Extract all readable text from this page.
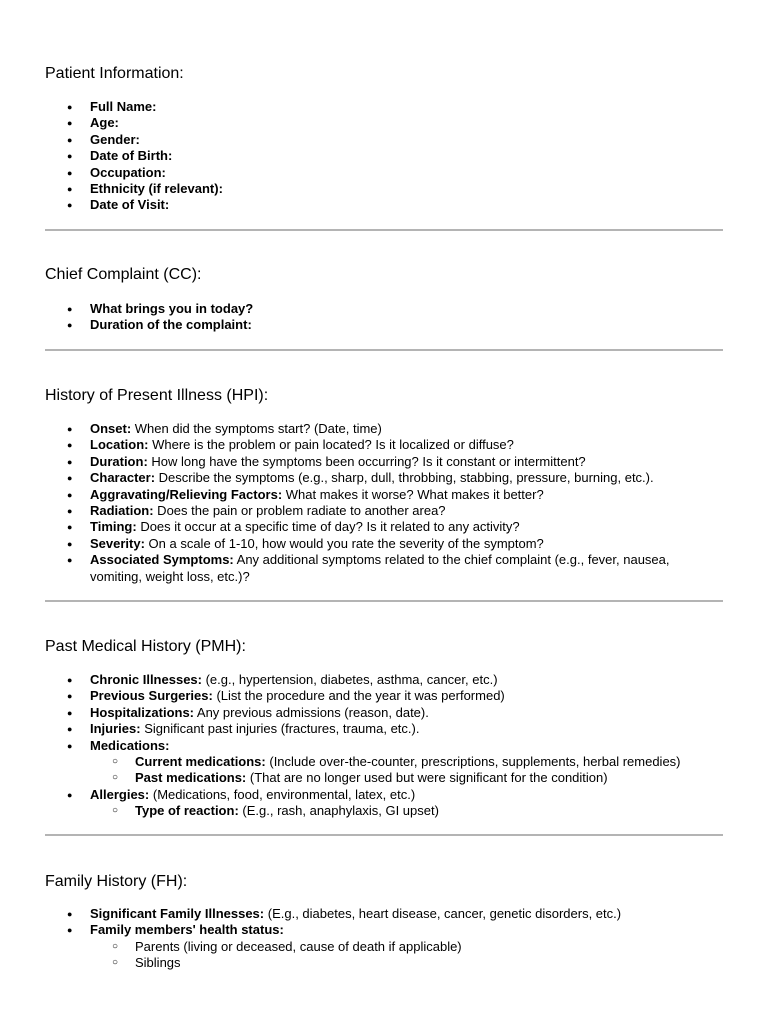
Patient Information:
● Full Name:
● Age:
● Gender:
● Date of Birth:
● Occupation:
● Ethnicity (if relevant):
● Date of Visit:
Chief Complaint (CC):
● What brings you in today?
● Duration of the complaint:
History of Present Illness (HPI):
● Onset: When did the symptoms start? (Date, time)
● Location: Where is the problem or pain located? Is it localized or diffuse?
● Duration: How long have the symptoms been occurring? Is it constant or intermittent?
● Character: Describe the symptoms (e.g., sharp, dull, throbbing, stabbing, pressure, burning, etc.).
● Aggravating/Relieving Factors: What makes it worse? What makes it better?
● Radiation: Does the pain or problem radiate to another area?
● Timing: Does it occur at a specific time of day? Is it related to any activity?
● Severity: On a scale of 1-10, how would you rate the severity of the symptom?
● Associated Symptoms: Any additional symptoms related to the chief complaint (e.g., fever, nausea, vomiting, weight loss, etc.)?
Past Medical History (PMH):
● Chronic Illnesses: (e.g., hypertension, diabetes, asthma, cancer, etc.)
● Previous Surgeries: (List the procedure and the year it was performed)
● Hospitalizations: Any previous admissions (reason, date).
● Injuries: Significant past injuries (fractures, trauma, etc.).
● Medications:
○ Current medications: (Include over-the-counter, prescriptions, supplements, herbal remedies)
○ Past medications: (That are no longer used but were significant for the condition)
● Allergies: (Medications, food, environmental, latex, etc.)
○ Type of reaction: (E.g., rash, anaphylaxis, GI upset)
Family History (FH):
● Significant Family Illnesses: (E.g., diabetes, heart disease, cancer, genetic disorders, etc.)
● Family members' health status:
○ Parents (living or deceased, cause of death if applicable)
○ Siblings
